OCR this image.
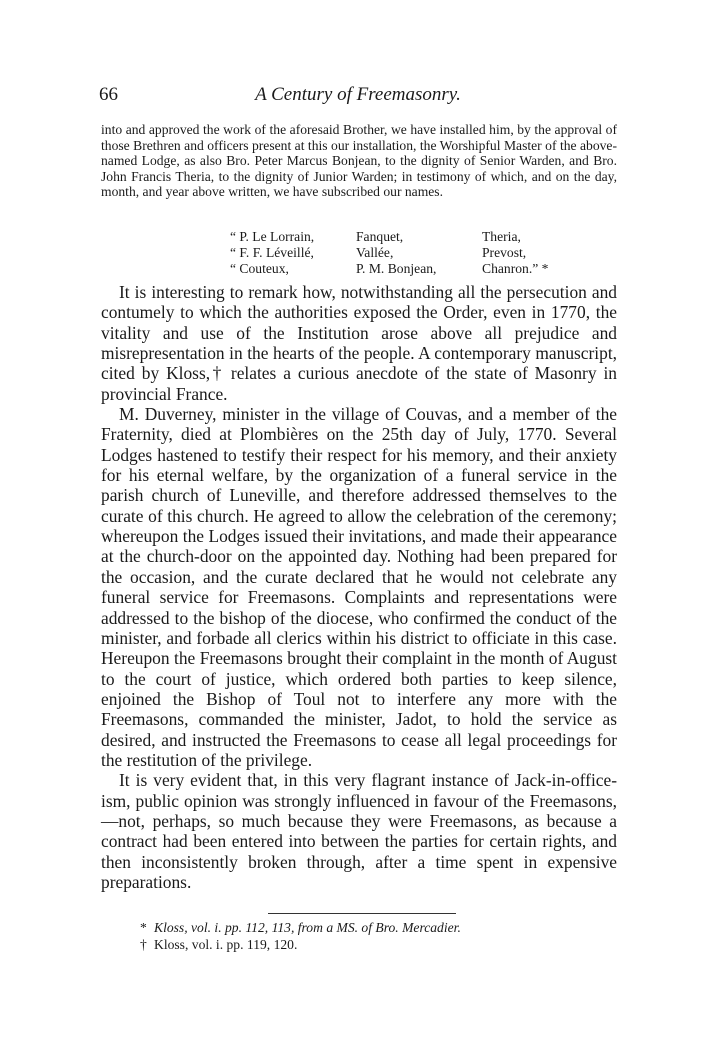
66	A Century of Freemasonry.

into and approved the work of the aforesaid Brother, we have installed him, by the approval of those Brethren and officers present at this our installation, the Worshipful Master of the above-named Lodge, as also Bro. Peter Marcus Bonjean, to the dignity of Senior Warden, and Bro. John Francis Theria, to the dignity of Junior Warden; in testimony of which, and on the day, month, and year above written, we have subscribed our names.

“ P. Le Lorrain,	Fanquet,	Theria,
“ F. F. Léveillé,	Vallée,	Prevost,
“ Couteux,	P. M. Bonjean,	Chanron.” *

It is interesting to remark how, notwithstanding all the persecution and contumely to which the authorities exposed the Order, even in 1770, the vitality and use of the Institution arose above all prejudice and misrepresentation in the hearts of the people. A contemporary manuscript, cited by Kloss,† relates a curious anecdote of the state of Masonry in provincial France.

M. Duverney, minister in the village of Couvas, and a member of the Fraternity, died at Plombières on the 25th day of July, 1770. Several Lodges hastened to testify their respect for his memory, and their anxiety for his eternal welfare, by the organization of a funeral service in the parish church of Luneville, and therefore addressed themselves to the curate of this church. He agreed to allow the celebration of the ceremony; whereupon the Lodges issued their invitations, and made their appearance at the church-door on the appointed day. Nothing had been prepared for the occasion, and the curate declared that he would not celebrate any funeral service for Freemasons. Complaints and representations were addressed to the bishop of the diocese, who confirmed the conduct of the minister, and forbade all clerics within his district to officiate in this case. Hereupon the Freemasons brought their complaint in the month of August to the court of justice, which ordered both parties to keep silence, enjoined the Bishop of Toul not to interfere any more with the Freemasons, commanded the minister, Jadot, to hold the service as desired, and instructed the Freemasons to cease all legal proceedings for the restitution of the privilege.

It is very evident that, in this very flagrant instance of Jack-in-office-ism, public opinion was strongly influenced in favour of the Freemasons,—not, perhaps, so much because they were Freemasons, as because a contract had been entered into between the parties for certain rights, and then inconsistently broken through, after a time spent in expensive preparations.

* Kloss, vol. i. pp. 112, 113, from a MS. of Bro. Mercadier.
† Kloss, vol. i. pp. 119, 120.
